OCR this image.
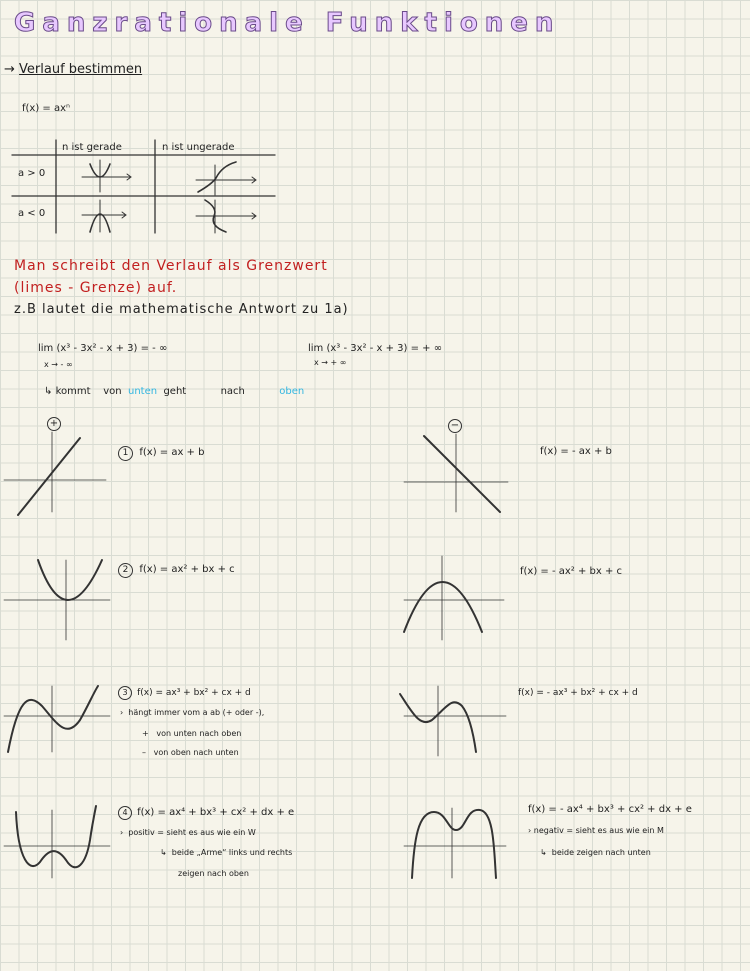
Ganzrationale Funktionen
→ Verlauf bestimmen
f(x) = axⁿ
n ist gerade	n ist ungerade
a > 0
a < 0
Man schreibt den Verlauf als Grenzwert
(limes - Grenze) auf.
z.B lautet die mathematische Antwort zu 1a)
lim (x³ - 3x² - x + 3) = - ∞
x → - ∞
lim (x³ - 3x² - x + 3) = + ∞
x → + ∞
↳ kommt von unten geht	nach	oben
1 f(x) = ax + b	f(x) = - ax + b
2 f(x) = ax² + bx + c	f(x) = - ax² + bx + c
3 f(x) = ax³ + bx² + cx + d	f(x) = - ax³ + bx² + cx + d
›  hängt immer vom a ab (+ oder -),
+   von unten nach oben
–   von oben nach unten
4 f(x) = ax⁴ + bx³ + cx² + dx + e	f(x) = - ax⁴ + bx³ + cx² + dx + e
›  positiv = sieht es aus wie ein W
↳  beide „Arme“ links und rechts
zeigen nach oben
› negativ = sieht es aus wie ein M
↳  beide zeigen nach unten
+	−
